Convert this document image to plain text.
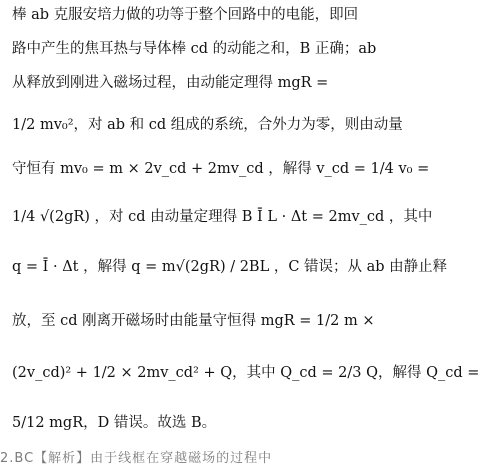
棒 ab 克服安培力做的功等于整个回路中的电能，即回
路中产生的焦耳热与导体棒 cd 的动能之和，B 正确；ab
从释放到刚进入磁场过程，由动能定理得 mgR =
1/2 mv₀²，对 ab 和 cd 组成的系统，合外力为零，则由动量
守恒有 mv₀ = m × 2v_cd + 2mv_cd ，解得 v_cd = 1/4 v₀ =
1/4 √(2gR) ，对 cd 由动量定理得 B Ī L · Δt = 2mv_cd ，其中
q = Ī · Δt ，解得 q = m√(2gR) / 2BL ，C 错误；从 ab 由静止释
放，至 cd 刚离开磁场时由能量守恒得 mgR = 1/2 m ×
(2v_cd)² + 1/2 × 2mv_cd² + Q，其中 Q_cd = 2/3 Q，解得 Q_cd =
5/12 mgR，D 错误。故选 B。
2.BC【解析】由于线框在穿越磁场的过程中
